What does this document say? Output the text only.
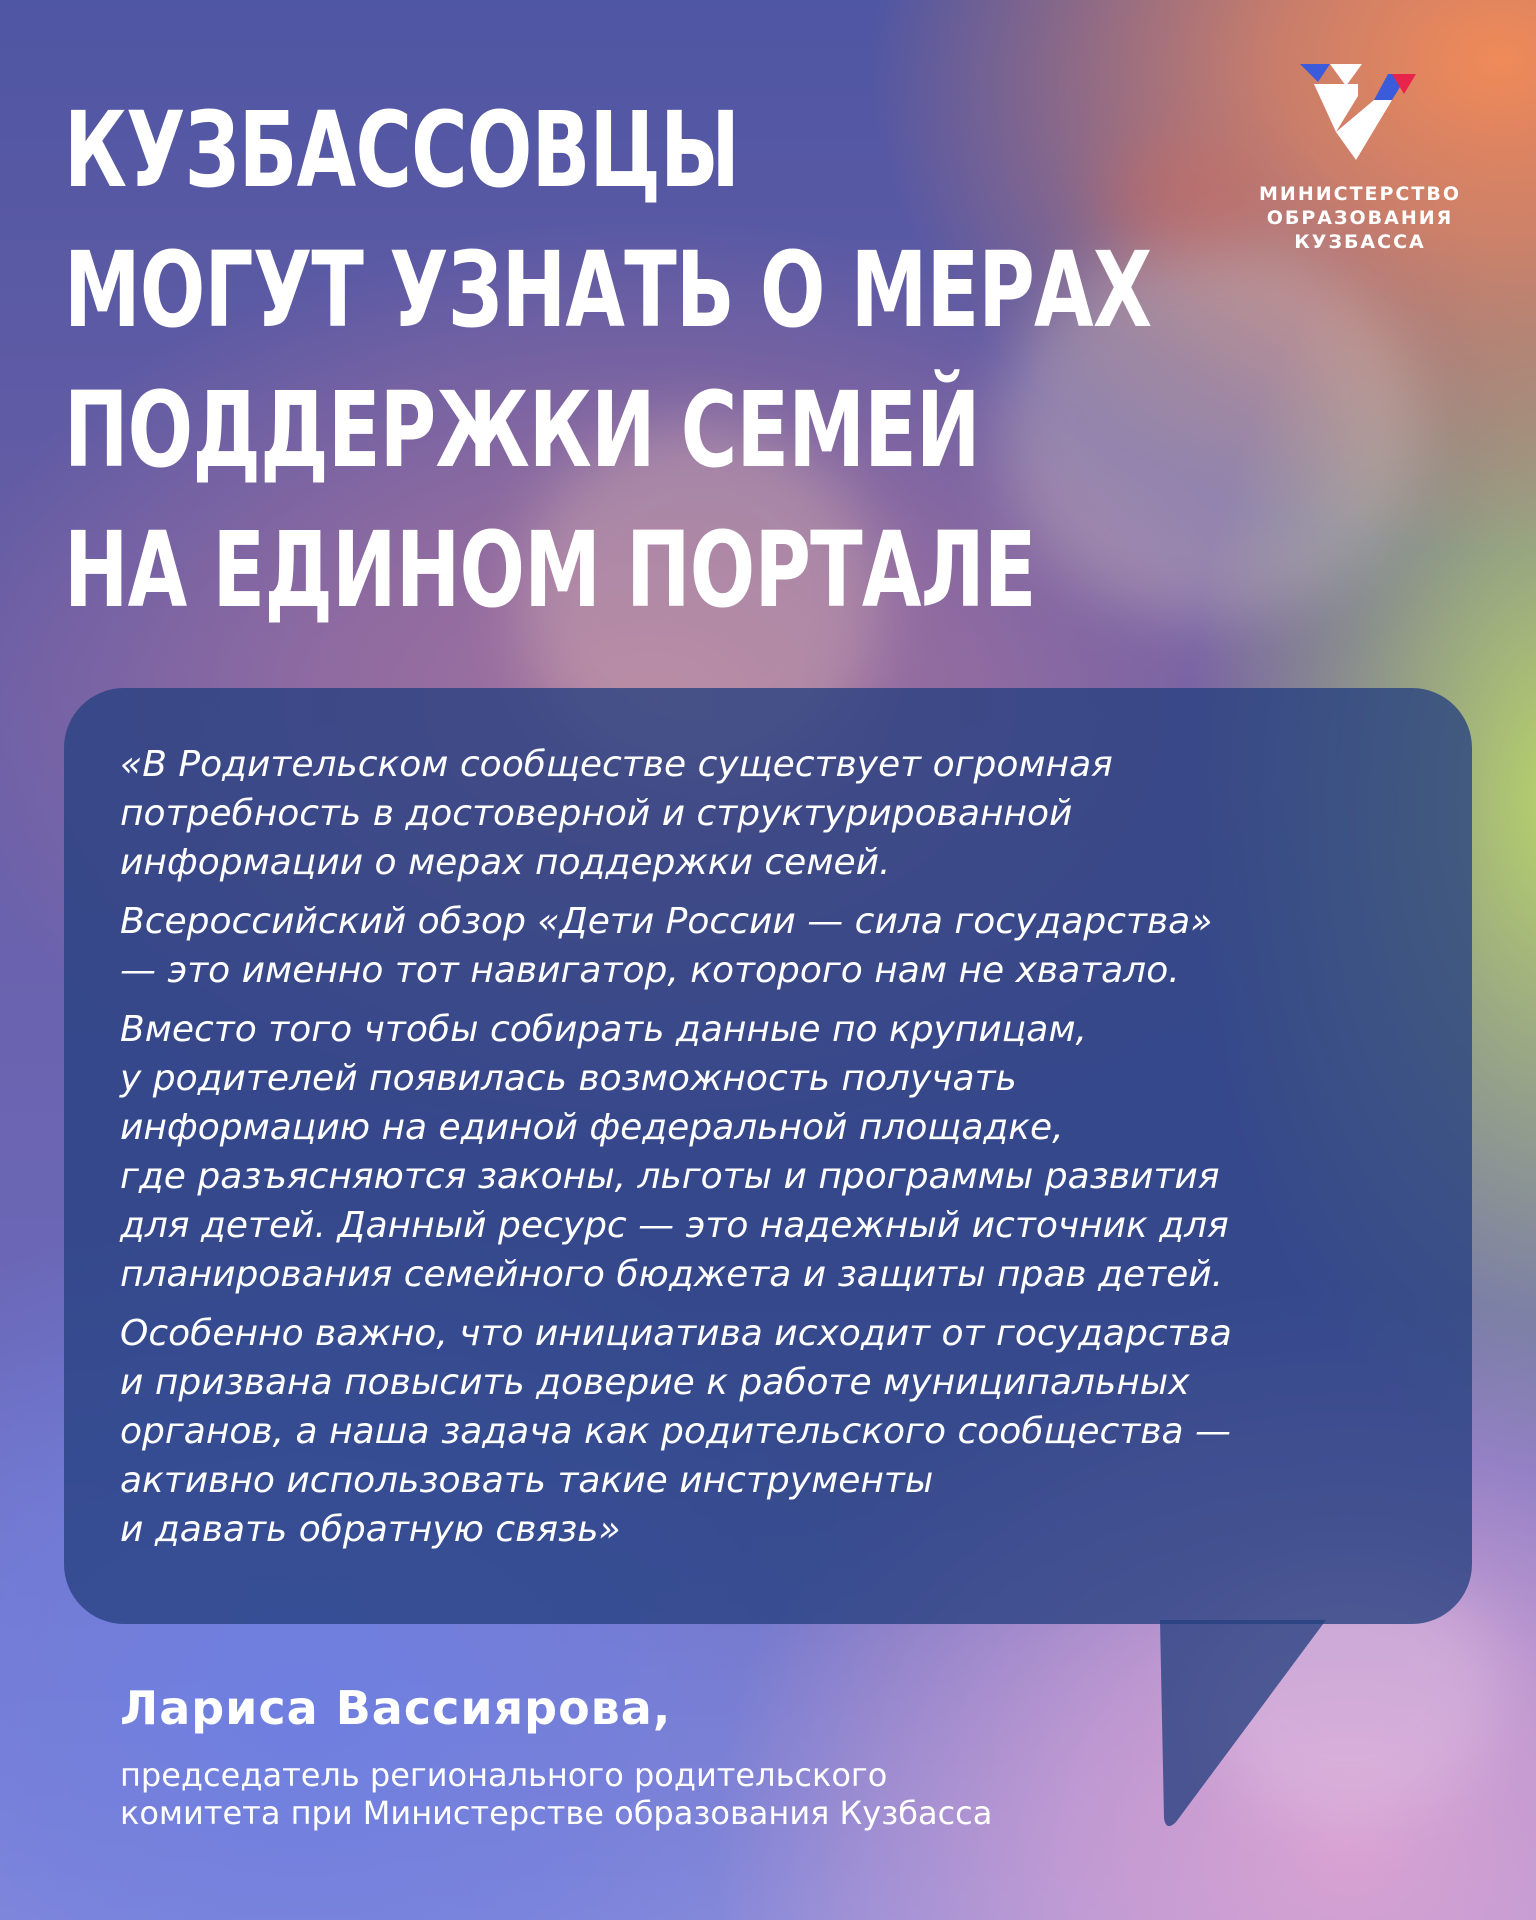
КУЗБАССОВЦЫ
МОГУТ УЗНАТЬ О МЕРАХ
ПОДДЕРЖКИ СЕМЕЙ
НА ЕДИНОМ ПОРТАЛЕ
МИНИСТЕРСТВО
ОБРАЗОВАНИЯ
КУЗБАССА

«В Родительском сообществе существует огромная
потребность в достоверной и структурированной
информации о мерах поддержки семей.

Всероссийский обзор «Дети России — сила государства»
— это именно тот навигатор, которого нам не хватало.

Вместо того чтобы собирать данные по крупицам,
у родителей появилась возможность получать
информацию на единой федеральной площадке,
где разъясняются законы, льготы и программы развития
для детей. Данный ресурс — это надежный источник для
планирования семейного бюджета и защиты прав детей.

Особенно важно, что инициатива исходит от государства
и призвана повысить доверие к работе муниципальных
органов, а наша задача как родительского сообщества —
активно использовать такие инструменты
и давать обратную связь»

Лариса Вассиярова,
председатель регионального родительского
комитета при Министерстве образования Кузбасса
